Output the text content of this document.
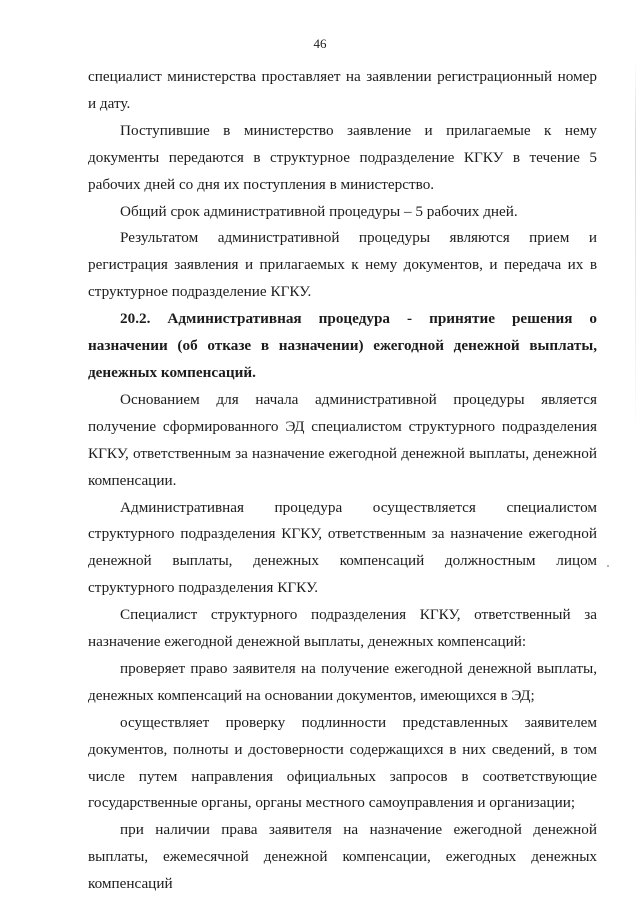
46

специалист министерства проставляет на заявлении регистрационный номер и дату.

Поступившие в министерство заявление и прилагаемые к нему документы передаются в структурное подразделение КГКУ в течение 5 рабочих дней со дня их поступления в министерство.

Общий срок административной процедуры – 5 рабочих дней.

Результатом административной процедуры являются прием и регистрация заявления и прилагаемых к нему документов, и передача их в структурное подразделение КГКУ.

20.2. Административная процедура - принятие решения о назначении (об отказе в назначении) ежегодной денежной выплаты, денежных компенсаций.

Основанием для начала административной процедуры является получение сформированного ЭД специалистом структурного подразделения КГКУ, ответственным за назначение ежегодной денежной выплаты, денежной компенсации.

Административная процедура осуществляется специалистом структурного подразделения КГКУ, ответственным за назначение ежегодной денежной выплаты, денежных компенсаций должностным лицом структурного подразделения КГКУ.

Специалист структурного подразделения КГКУ, ответственный за назначение ежегодной денежной выплаты, денежных компенсаций:

проверяет право заявителя на получение ежегодной денежной выплаты, денежных компенсаций на основании документов, имеющихся в ЭД;

осуществляет проверку подлинности представленных заявителем документов, полноты и достоверности содержащихся в них сведений, в том числе путем направления официальных запросов в соответствующие государственные органы, органы местного самоуправления и организации;

при наличии права заявителя на назначение ежегодной денежной выплаты, ежемесячной денежной компенсации, ежегодных денежных компенсаций
